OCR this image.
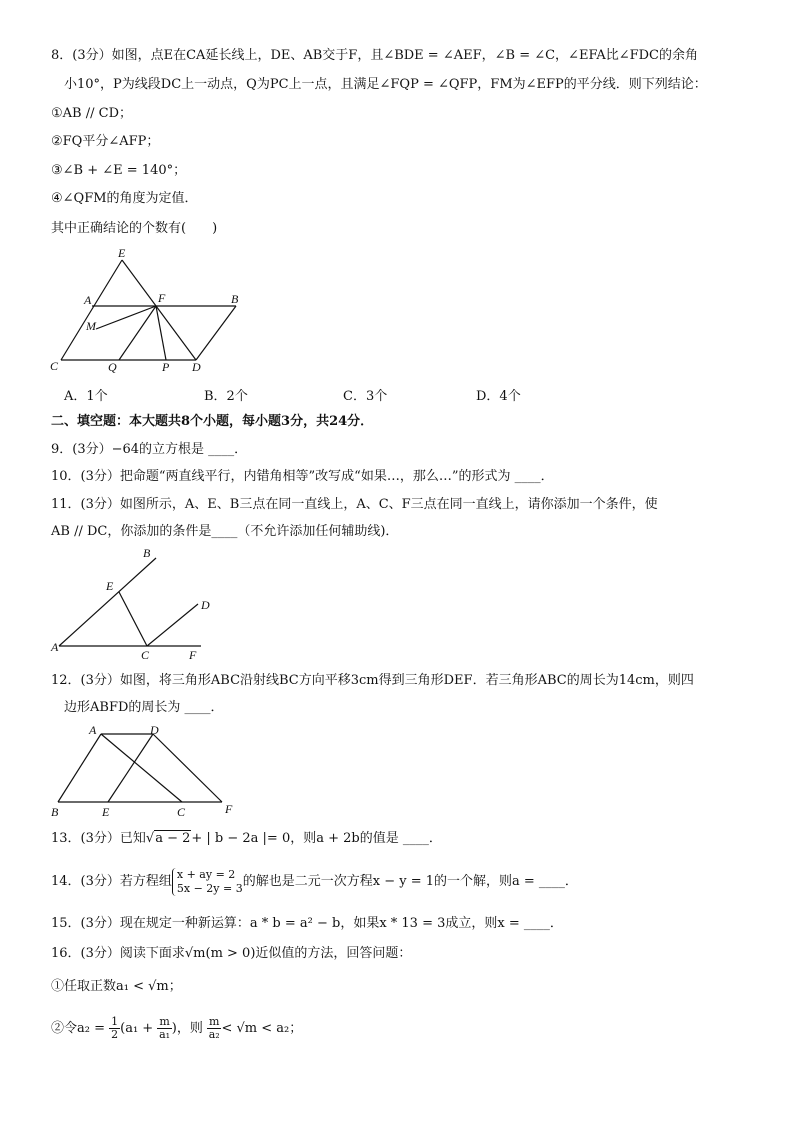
8．(3分）如图，点E在CA延长线上，DE、AB交于F，且∠BDE = ∠AEF，∠B = ∠C，∠EFA比∠FDC的余角
小10°，P为线段DC上一动点，Q为PC上一点，且满足∠FQP = ∠QFP，FM为∠EFP的平分线．则下列结论：
①AB // CD；
②FQ平分∠AFP；
③∠B + ∠E = 140°；
④∠QFM的角度为定值．
其中正确结论的个数有(　　)
E
A	F	B
M
C	Q	P D
A．1个	B．2个	C．3个	D．4个
二、填空题：本大题共8个小题，每小题3分，共24分．
9．(3分）−64的立方根是 ____．
10．(3分）把命题“两直线平行，内错角相等”改写成“如果…，那么…”的形式为 ____．
11．(3分）如图所示，A、E、B三点在同一直线上，A、C、F三点在同一直线上，请你添加一个条件，使
AB // DC，你添加的条件是____（不允许添加任何辅助线)．
B
E
D
A
C	F
12．(3分）如图，将三角形ABC沿射线BC方向平移3cm得到三角形DEF．若三角形ABC的周长为14cm，则四
边形ABFD的周长为 ____．
A	D
B	E	C	F
13．(3分）已知√a − 2+ | b − 2a |= 0，则a + 2b的值是 ____．
14．(3分）若方程组 x + ay = 2
5x − 2y = 3 的解也是二元一次方程x − y = 1的一个解，则a = ____．
15．(3分）现在规定一种新运算：a * b = a² − b，如果x * 13 = 3成立，则x = ____．
16．(3分）阅读下面求√m(m > 0)近似值的方法，回答问题：
①任取正数a₁ < √m；
②令$a_2 = \frac{1}{2} (a_1 + \frac{m}{\text{a₁}}$ )，则 $\frac{m}{\text{a₂}} < √m < a_2$；
